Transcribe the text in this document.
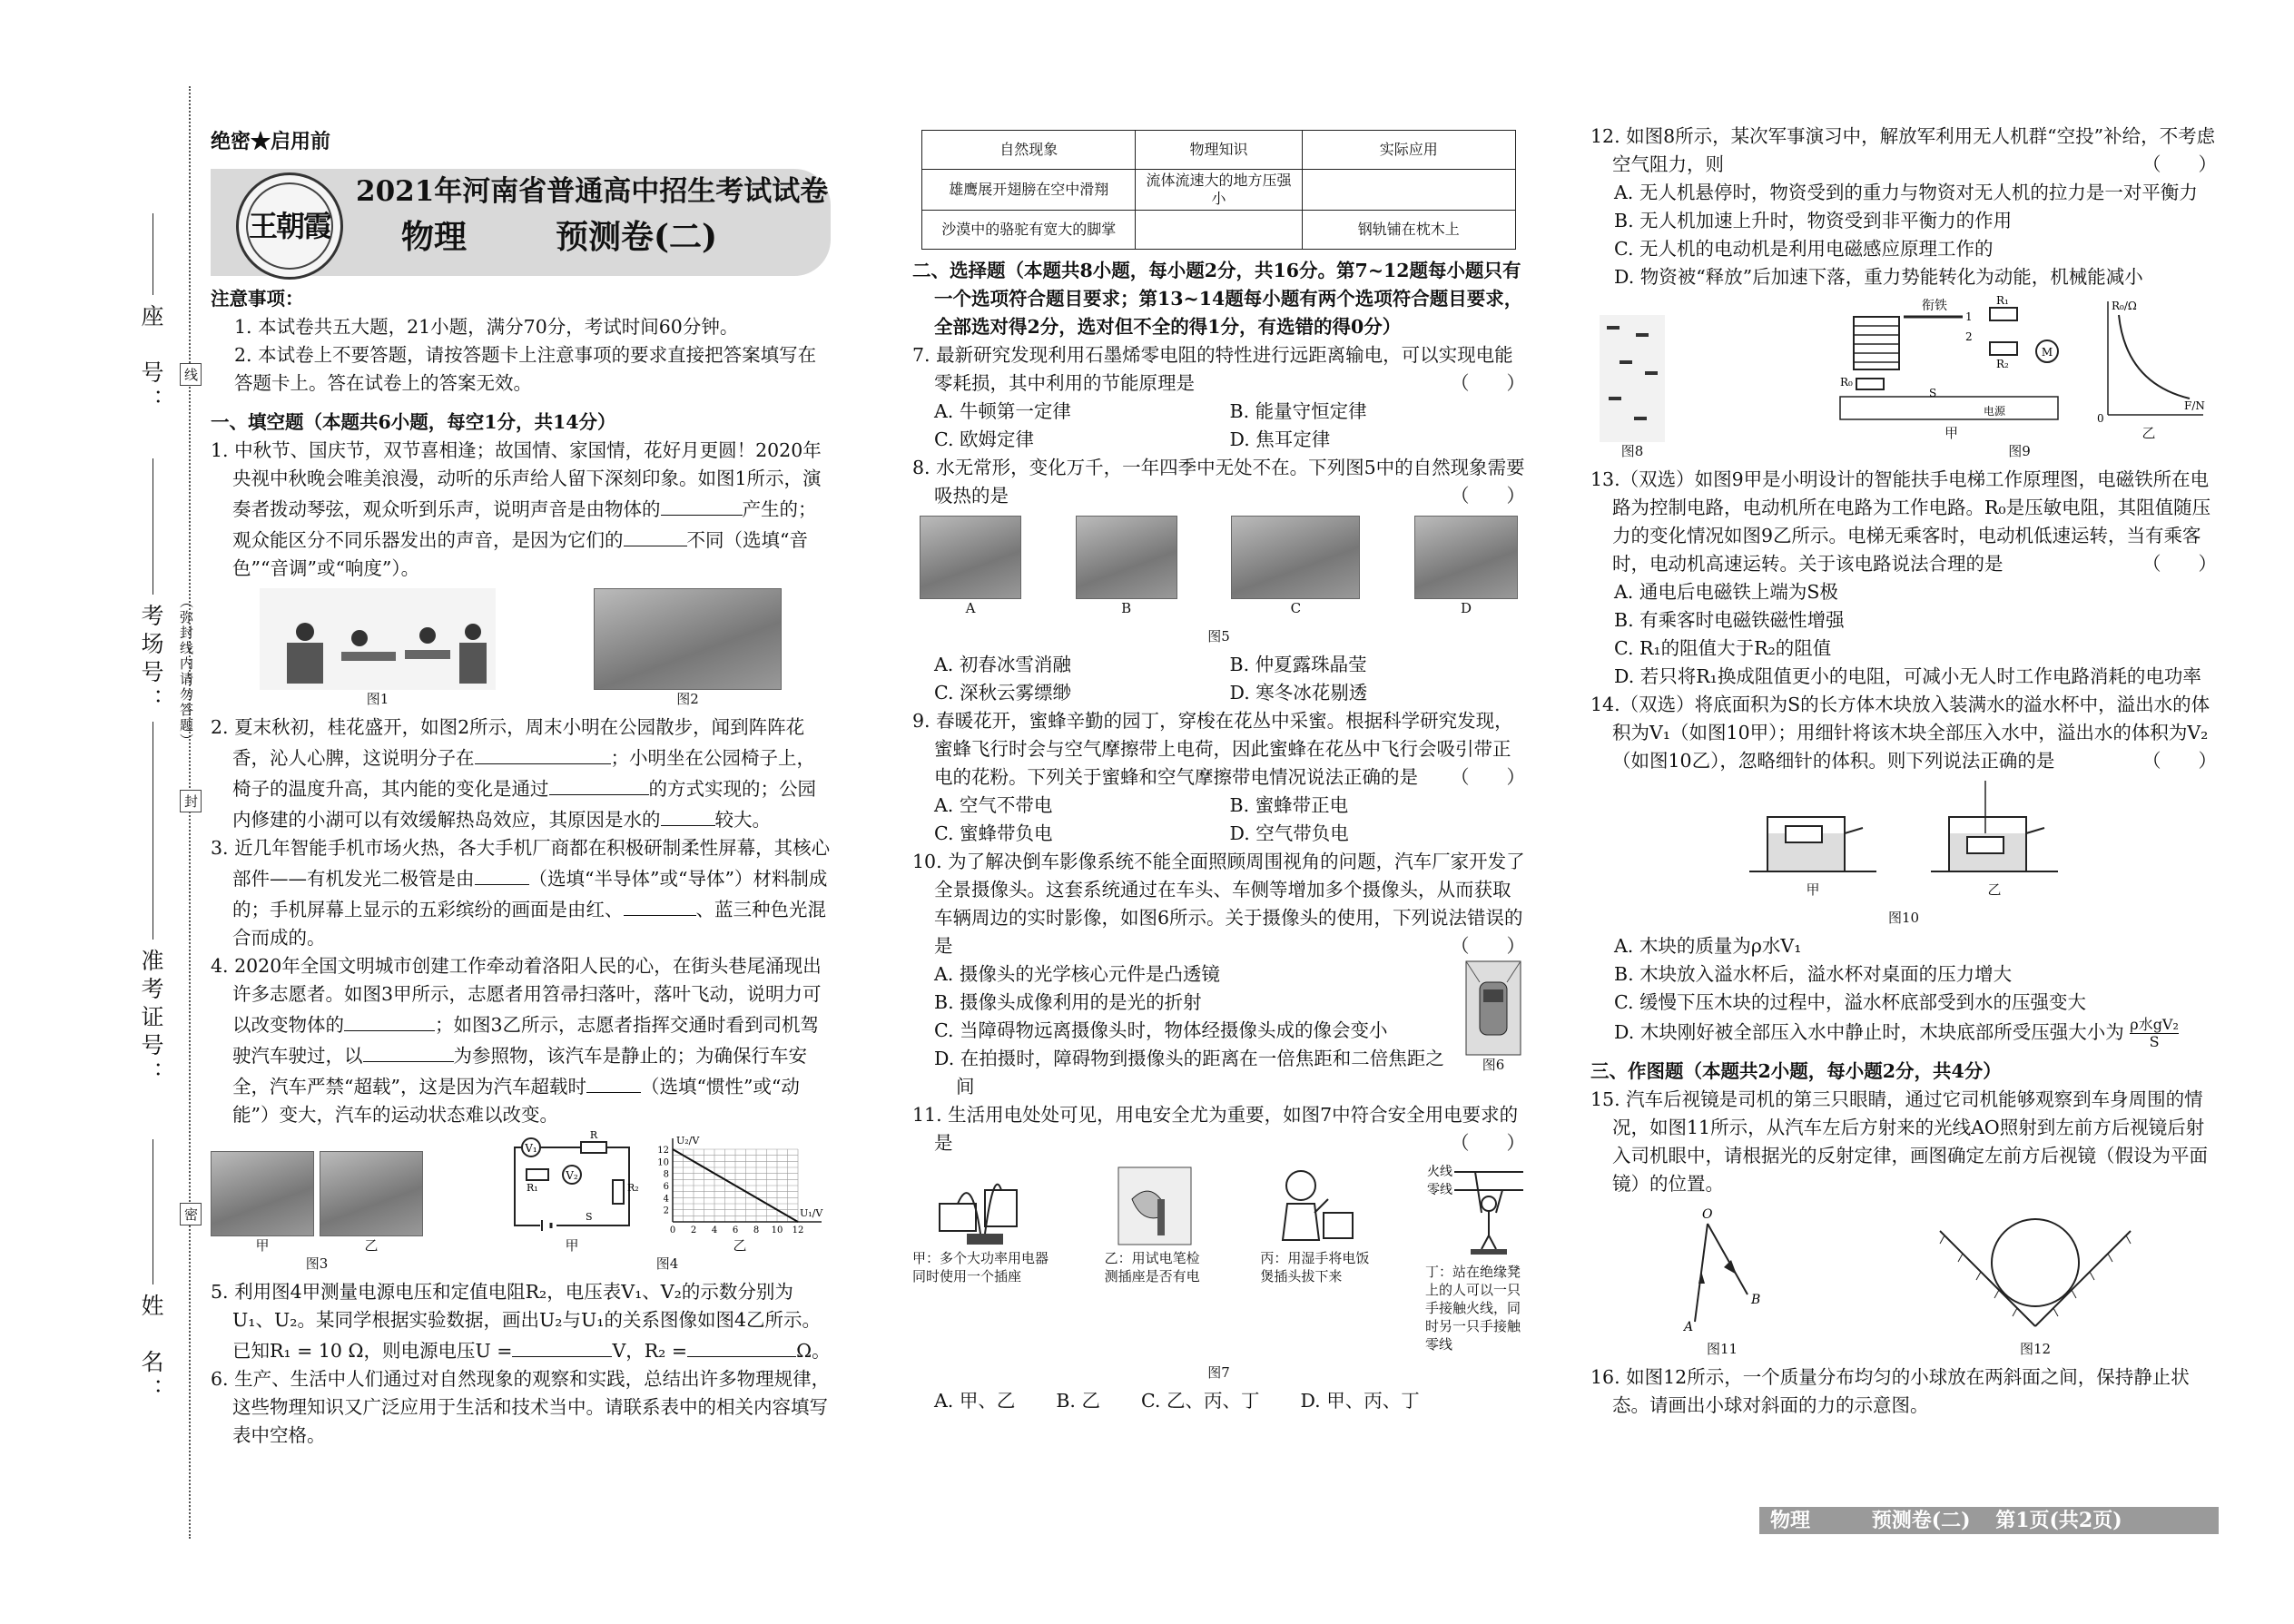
姓　名：
准考证号：
考场号：
座　号： 线
封
密
（弥封线内请勿答题）
绝密★启用前
王朝霞
2021年河南省普通高中招生考试试卷
物理	预测卷(二)

注意事项：

1. 本试卷共五大题，21小题，满分70分，考试时间60分钟。

2. 本试卷上不要答题，请按答题卡上注意事项的要求直接把答案填写在答题卡上。答在试卷上的答案无效。

一、填空题（本题共6小题，每空1分，共14分）

1. 中秋节、国庆节，双节喜相逢；故国情、家国情，花好月更圆！2020年央视中秋晚会唯美浪漫，动听的乐声给人留下深刻印象。如图1所示，演奏者拨动琴弦，观众听到乐声，说明声音是由物体的	产生的；观众能区分不同乐器发出的声音，是因为它们的	不同（选填“音色”“音调”或“响度”）。

图1	图2

2. 夏末秋初，桂花盛开，如图2所示，周末小明在公园散步，闻到阵阵花香，沁人心脾，这说明分子在	；小明坐在公园椅子上，椅子的温度升高，其内能的变化是通过	的方式实现的；公园内修建的小湖可以有效缓解热岛效应，其原因是水的	较大。

3. 近几年智能手机市场火热，各大手机厂商都在积极研制柔性屏幕，其核心部件——有机发光二极管是由	（选填“半导体”或“导体”）材料制成的；手机屏幕上显示的五彩缤纷的画面是由红、	、蓝三种色光混合而成的。

4. 2020年全国文明城市创建工作牵动着洛阳人民的心，在街头巷尾涌现出许多志愿者。如图3甲所示，志愿者用笤帚扫落叶，落叶飞动，说明力可以改变物体的	；如图3乙所示，志愿者指挥交通时看到司机驾驶汽车驶过，以	为参照物，该汽车是静止的；为确保行车安全，汽车严禁“超载”，这是因为汽车超载时	（选填“惯性”或“动能”）变大，汽车的运动状态难以改变。

甲	乙
图3
V₁
R
R₁
V₂
R₂
S
甲
U₂/V
U₁/V
0 2 4 6 8 10 12
2
4
6
8
10
12
乙
图4

5. 利用图4甲测量电源电压和定值电阻R₂，电压表V₁、V₂的示数分别为U₁、U₂。某同学根据实验数据，画出U₂与U₁的关系图像如图4乙所示。已知R₁ = 10 Ω，则电源电压U =	V，R₂ =	Ω。

6. 生产、生活中人们通过对自然现象的观察和实践，总结出许多物理规律，这些物理知识又广泛应用于生活和技术当中。请联系表中的相关内容填写表中空格。

自然现象	物理知识	实际应用
雄鹰展开翅膀在空中滑翔	流体流速大的地方压强小	
沙漠中的骆驼有宽大的脚掌		钢轨铺在枕木上

二、选择题（本题共8小题，每小题2分，共16分。第7~12题每小题只有一个选项符合题目要求；第13~14题每小题有两个选项符合题目要求，全部选对得2分，选对但不全的得1分，有选错的得0分）

7. 最新研究发现利用石墨烯零电阻的特性进行远距离输电，可以实现电能零耗损，其中利用的节能原理是	（　　）

A. 牛顿第一定律	B. 能量守恒定律
C. 欧姆定律	D. 焦耳定律

8. 水无常形，变化万千，一年四季中无处不在。下列图5中的自然现象需要吸热的是	（　　）

A	B	C	D
图5
A. 初春冰雪消融	B. 仲夏露珠晶莹
C. 深秋云雾缥缈	D. 寒冬冰花剔透

9. 春暖花开，蜜蜂辛勤的园丁，穿梭在花丛中采蜜。根据科学研究发现，蜜蜂飞行时会与空气摩擦带上电荷，因此蜜蜂在花丛中飞行会吸引带正电的花粉。下列关于蜜蜂和空气摩擦带电情况说法正确的是 （　　）

A. 空气不带电	B. 蜜蜂带正电
C. 蜜蜂带负电	D. 空气带负电

10. 为了解决倒车影像系统不能全面照顾周围视角的问题，汽车厂家开发了全景摄像头。这套系统通过在车头、车侧等增加多个摄像头，从而获取车辆周边的实时影像，如图6所示。关于摄像头的使用，下列说法错误的是	（　　）

A. 摄像头的光学核心元件是凸透镜

B. 摄像头成像利用的是光的折射

C. 当障碍物远离摄像头时，物体经摄像头成的像会变小

D. 在拍摄时，障碍物到摄像头的距离在一倍焦距和二倍焦距之间

图6

11. 生活用电处处可见，用电安全尤为重要，如图7中符合安全用电要求的是	（　　）

甲：多个大功率用电器同时使用一个插座
乙：用试电笔检测插座是否有电
丙：用湿手将电饭煲插头拔下来
火线
零线
丁：站在绝缘凳上的人可以一只手接触火线，同时另一只手接触零线
图7
A. 甲、乙 B. 乙 C. 乙、丙、丁 D. 甲、丙、丁

12. 如图8所示，某次军事演习中，解放军利用无人机群“空投”补给，不考虑空气阻力，则	（　　）

A. 无人机悬停时，物资受到的重力与物资对无人机的拉力是一对平衡力

B. 无人机加速上升时，物资受到非平衡力的作用

C. 无人机的电动机是利用电磁感应原理工作的

D. 物资被“释放”后加速下落，重力势能转化为动能，机械能减小

图8
衔铁
1
2
R₁
R₂
M
R₀
S
电源
甲
R₀/Ω
F/N
0
乙
图9

13.（双选）如图9甲是小明设计的智能扶手电梯工作原理图，电磁铁所在电路为控制电路，电动机所在电路为工作电路。R₀是压敏电阻，其阻值随压力的变化情况如图9乙所示。电梯无乘客时，电动机低速运转，当有乘客时，电动机高速运转。关于该电路说法合理的是	（　　）

A. 通电后电磁铁上端为S极

B. 有乘客时电磁铁磁性增强

C. R₁的阻值大于R₂的阻值

D. 若只将R₁换成阻值更小的电阻，可减小无人时工作电路消耗的电功率

14.（双选）将底面积为S的长方体木块放入装满水的溢水杯中，溢出水的体积为V₁（如图10甲）；用细针将该木块全部压入水中，溢出水的体积为V₂（如图10乙），忽略细针的体积。则下列说法正确的是	（　　）

甲	乙
图10

A. 木块的质量为ρ水V₁

B. 木块放入溢水杯后，溢水杯对桌面的压力增大

C. 缓慢下压木块的过程中，溢水杯底部受到水的压强变大

D. 木块刚好被全部压入水中静止时，木块底部所受压强大小为 ρ水gV₂
S

三、作图题（本题共2小题，每小题2分，共4分）

15. 汽车后视镜是司机的第三只眼睛，通过它司机能够观察到车身周围的情况，如图11所示，从汽车左后方射来的光线AO照射到左前方后视镜后射入司机眼中，请根据光的反射定律，画图确定左前方后视镜（假设为平面镜）的位置。

O
A
B
图11	图12

16. 如图12所示，一个质量分布均匀的小球放在两斜面之间，保持静止状态。请画出小球对斜面的力的示意图。

物理	预测卷(二) 第1页(共2页)
